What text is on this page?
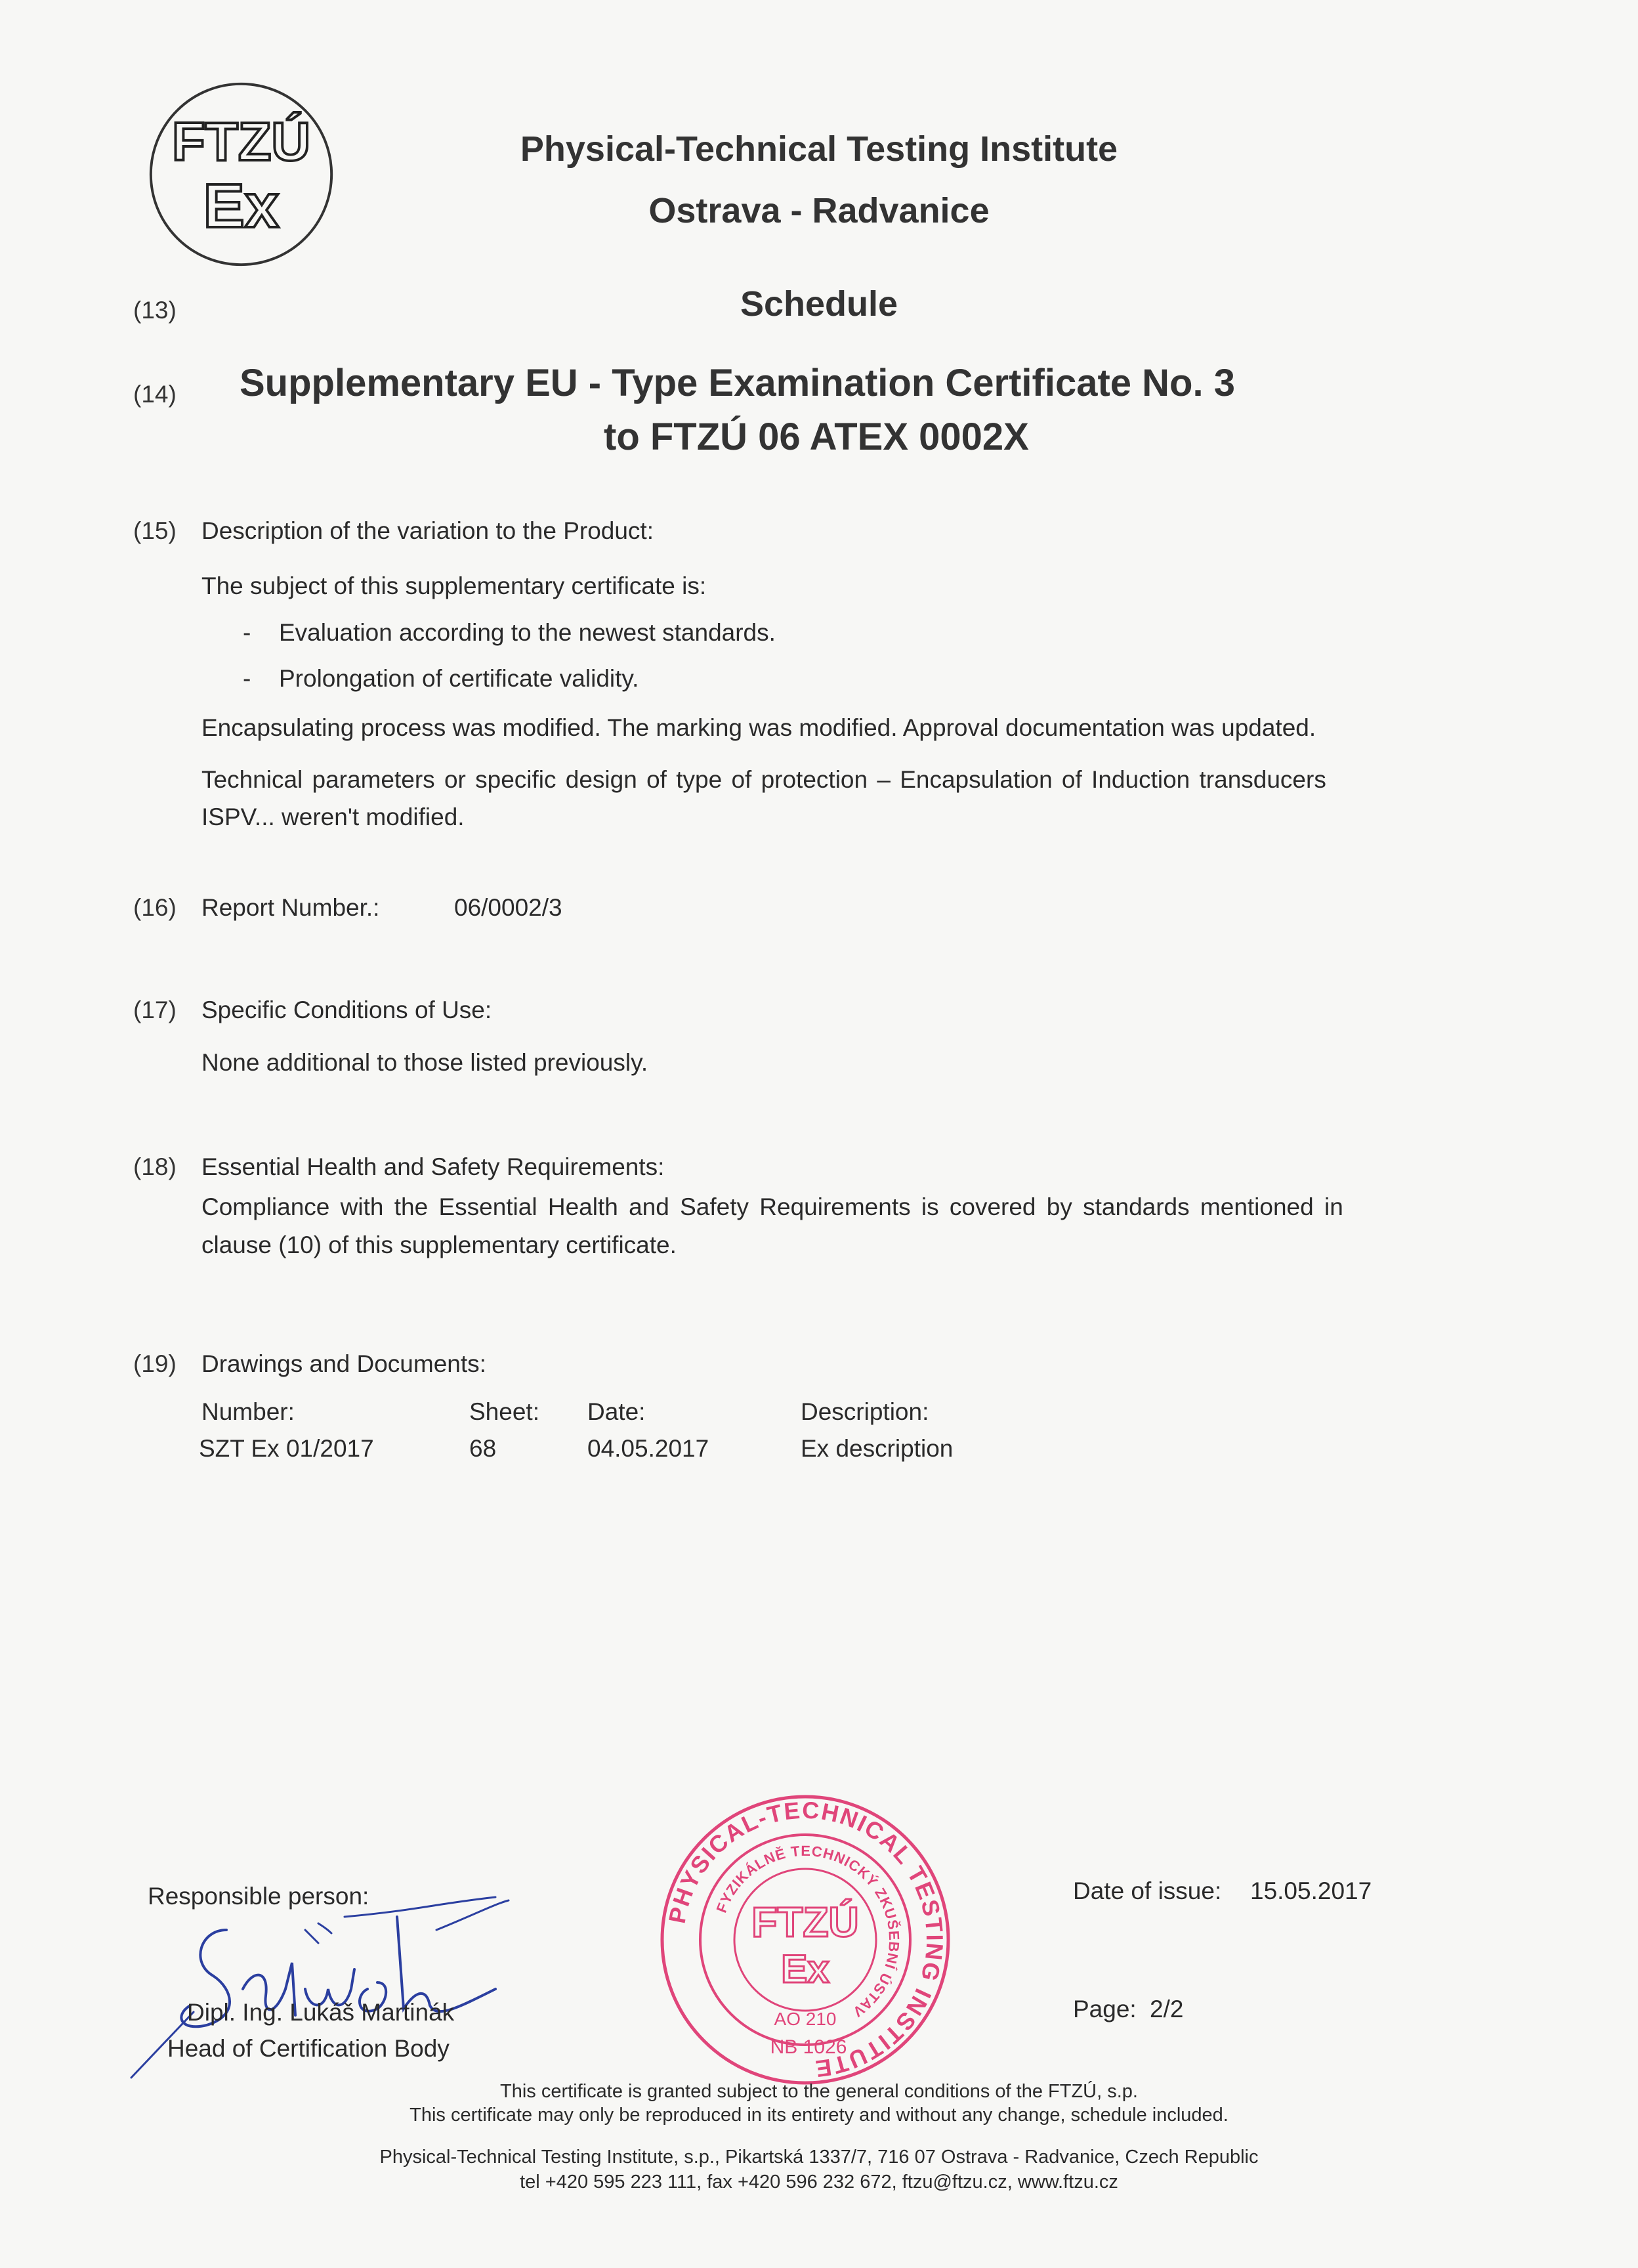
FTZÚ
Ex
Physical-Technical Testing Institute
Ostrava - Radvanice
(13)	Schedule
(14) Supplementary EU - Type Examination Certificate No. 3
to FTZÚ 06 ATEX 0002X
(15) Description of the variation to the Product:
The subject of this supplementary certificate is:
- Evaluation according to the newest standards.
- Prolongation of certificate validity.
Encapsulating process was modified. The marking was modified. Approval documentation was updated.
Technical parameters or specific design of type of protection – Encapsulation of Induction transducers
ISPV... weren't modified.
(16) Report Number.:	06/0002/3
(17) Specific Conditions of Use:
None additional to those listed previously.
(18) Essential Health and Safety Requirements:
Compliance with the Essential Health and Safety Requirements is covered by standards mentioned in
clause (10) of this supplementary certificate.
(19) Drawings and Documents:
Number:	Sheet: Date:	Description:
SZT Ex 01/2017	68	04.05.2017	Ex description
Responsible person:
Dipl. Ing. Lukáš Martinák
Head of Certification Body
PHYSICAL-TECHNICAL TESTING INSTITUTE
FYZIKÁLNĚ TECHNICKÝ ZKUŠEBNÍ ÚSTAV
FTZÚ
Ex
AO 210
NB 1026
Date of issue: 15.05.2017
Page: 2/2
This certificate is granted subject to the general conditions of the FTZÚ, s.p.
This certificate may only be reproduced in its entirety and without any change, schedule included.
Physical-Technical Testing Institute, s.p., Pikartská 1337/7, 716 07 Ostrava - Radvanice, Czech Republic
tel +420 595 223 111, fax +420 596 232 672, ftzu@ftzu.cz, www.ftzu.cz
